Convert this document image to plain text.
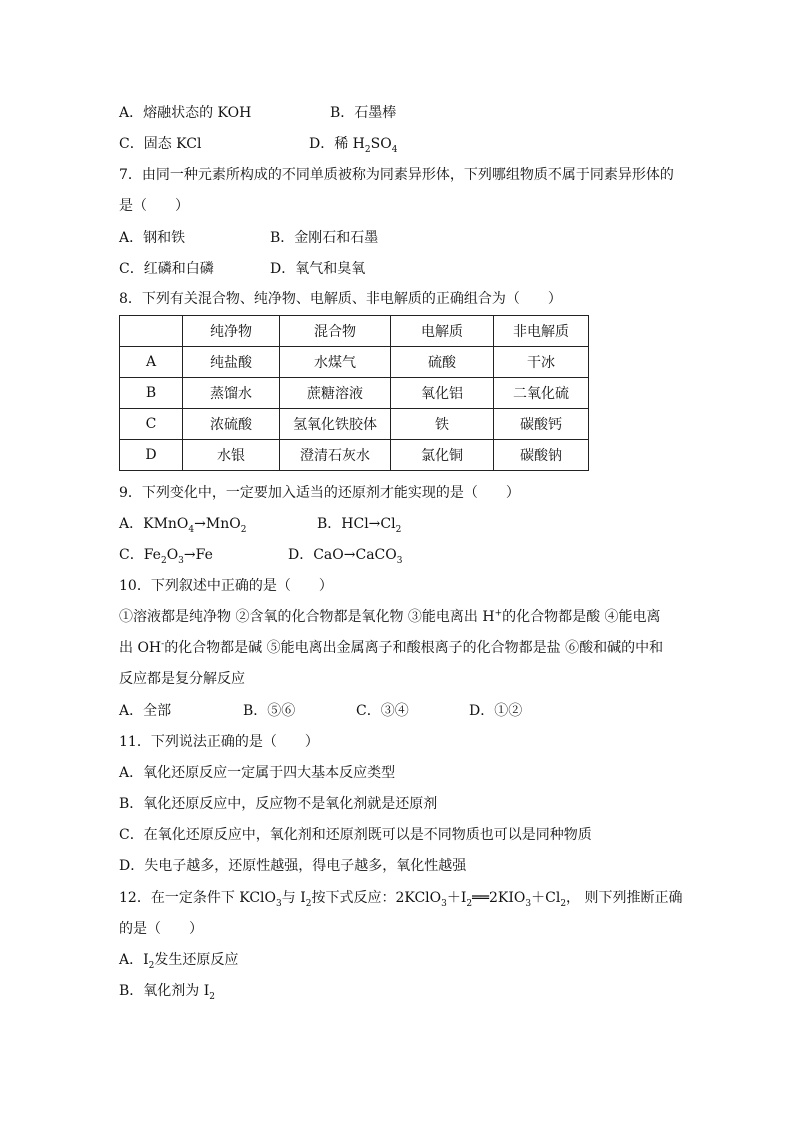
A．熔融状态的 KOH	B．石墨棒
C．固态 KCl	D．稀 $H_2SO_4$
7．由同一种元素所构成的不同单质被称为同素异形体，下列哪组物质不属于同素异形体的
是（　　）
A．钢和铁	B．金刚石和石墨
C．红磷和白磷	D．氧气和臭氧
8．下列有关混合物、纯净物、电解质、非电解质的正确组合为（　　）
	纯净物	混合物	电解质	非电解质
A	纯盐酸	水煤气	硫酸	干冰
B	蒸馏水	蔗糖溶液	氧化铝	二氧化硫
C	浓硫酸	氢氧化铁胶体	铁	碳酸钙
D	水银	澄清石灰水	氯化铜	碳酸钠
9．下列变化中，一定要加入适当的还原剂才能实现的是（　　）
A．KMnO$_4$→MnO$_2$	B．$HCl\to Cl_2$
C．$Fe_2O_3\to Fe$	D．CaO→CaCO$_3$
10．下列叙述中正确的是（　　）
①溶液都是纯净物 ②含氧的化合物都是氧化物 ③能电离出 H+的化合物都是酸 ④能电离
出 OH-的化合物都是碱 ⑤能电离出金属离子和酸根离子的化合物都是盐 ⑥酸和碱的中和
反应都是复分解反应
A．全部	B．⑤⑥	C．③④	D．①②
11．下列说法正确的是（　　）
A．氧化还原反应一定属于四大基本反应类型
B．氧化还原反应中，反应物不是氧化剂就是还原剂
C．在氧化还原反应中，氧化剂和还原剂既可以是不同物质也可以是同种物质
D．失电子越多，还原性越强，得电子越多，氧化性越强
12．在一定条件下 KClO$_3$与 $I_2$按下式反应：$2KClO_3+I_2══2KIO_3+Cl_2$， 则下列推断正确
的是（　　）
A．$I_2$发生还原反应
B．氧化剂为 $I_2$
